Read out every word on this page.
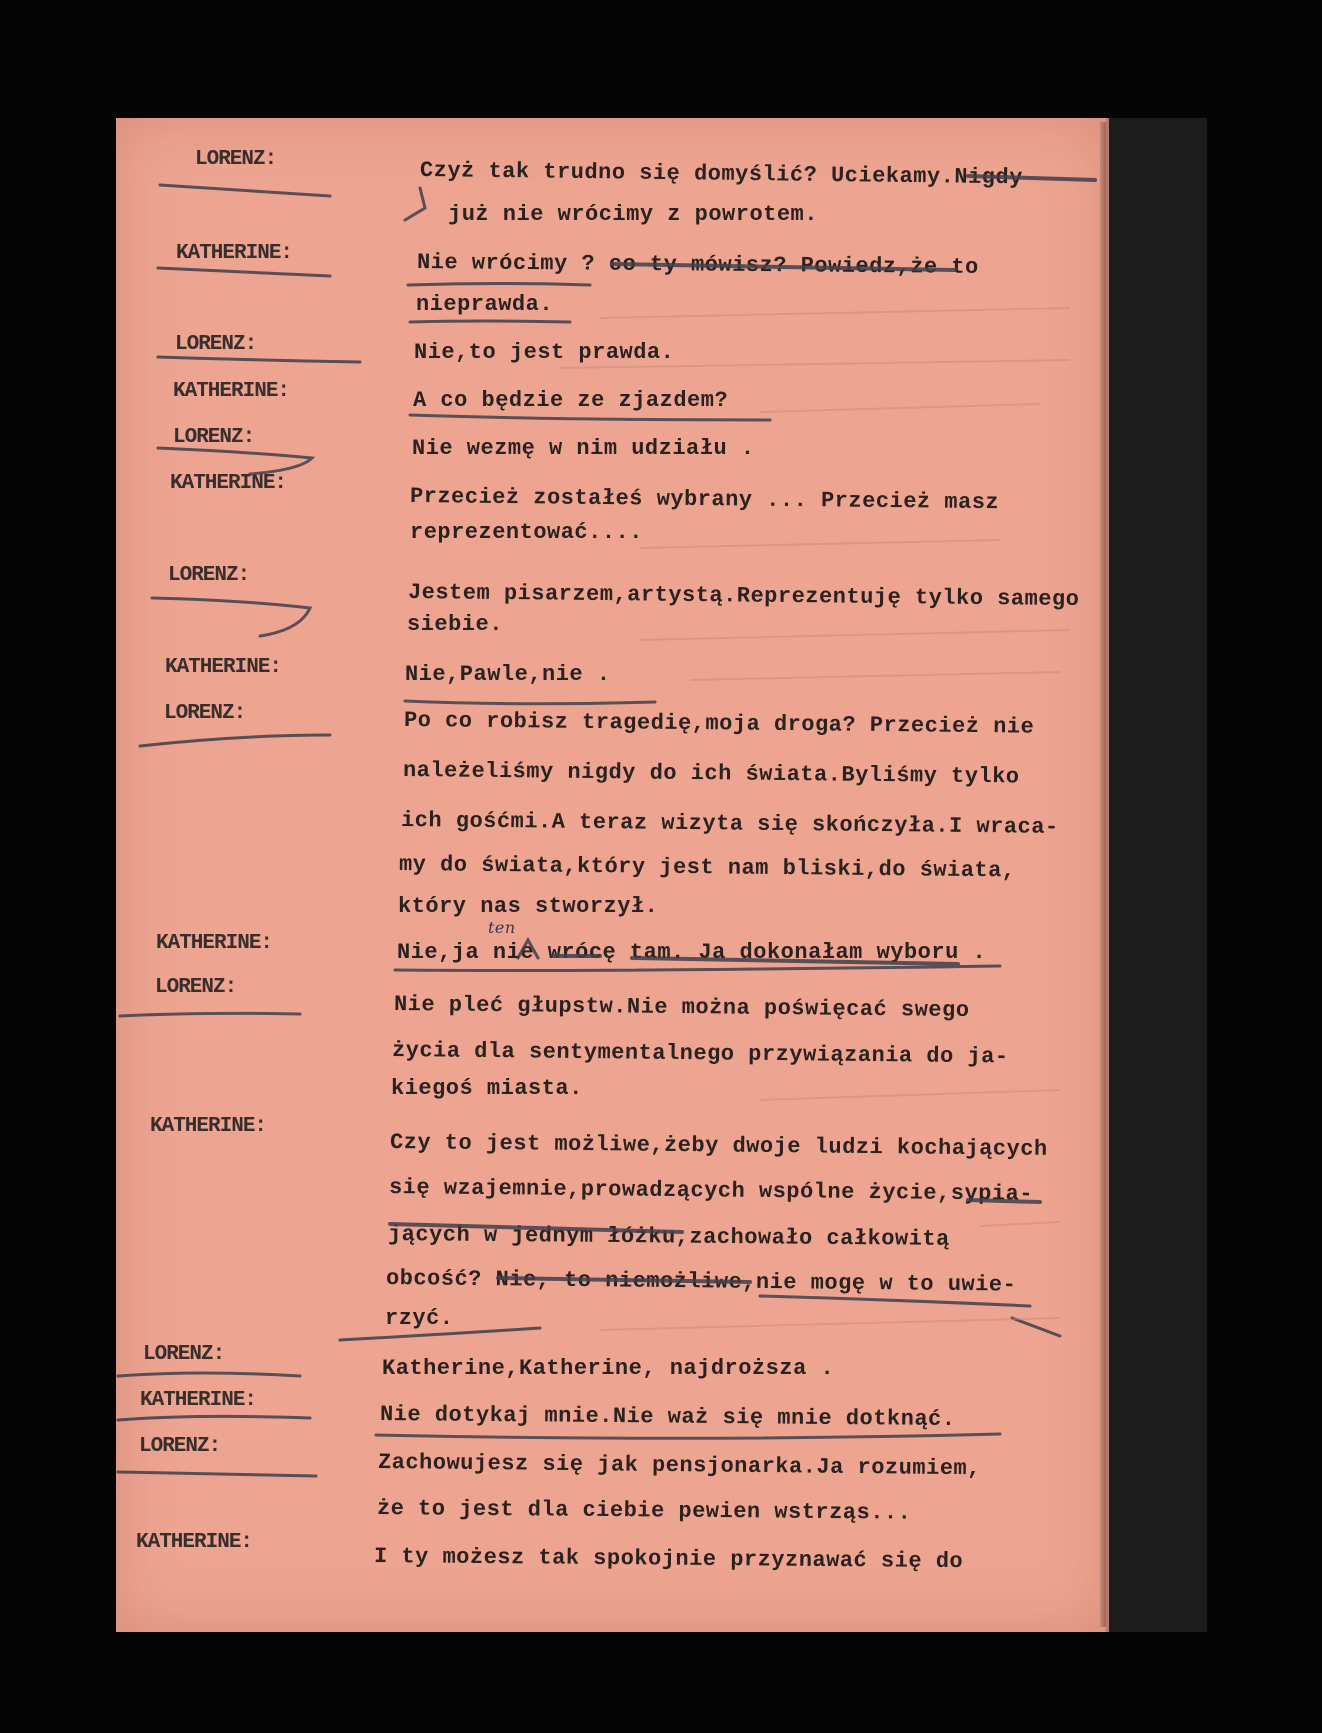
LORENZ:
KATHERINE:
LORENZ:
KATHERINE:
LORENZ:
KATHERINE:
LORENZ:
KATHERINE:
LORENZ:
KATHERINE:
LORENZ:
KATHERINE:
LORENZ:
KATHERINE:
LORENZ:
KATHERINE:
Czyż tak trudno się domyślić? Uciekamy.Nigdy
już nie wrócimy z powrotem.
Nie wrócimy ? co ty mówisz? Powiedz,że to
nieprawda.
Nie,to jest prawda.
A co będzie ze zjazdem?
Nie wezmę w nim udziału .
Przecież zostałeś wybrany ... Przecież masz
reprezentować....
Jestem pisarzem,artystą.Reprezentuję tylko samego
siebie.
Nie,Pawle,nie .
Po co robisz tragedię,moja droga? Przecież nie
należeliśmy nigdy do ich świata.Byliśmy tylko
ich gośćmi.A teraz wizyta się skończyła.I wraca-
my do świata,który jest nam bliski,do świata,
który nas stworzył.
Nie,ja nie wrócę tam. Ja dokonałam wyboru .
Nie pleć głupstw.Nie można poświęcać swego
życia dla sentymentalnego przywiązania do ja-
kiegoś miasta.
Czy to jest możliwe,żeby dwoje ludzi kochających
się wzajemnie,prowadzących wspólne życie,sypia-
jących w jednym łóżku,zachowało całkowitą
obcość? Nie, to niemożliwe,nie mogę w to uwie-
rzyć.
Katherine,Katherine, najdroższa .
Nie dotykaj mnie.Nie waż się mnie dotknąć.
Zachowujesz się jak pensjonarka.Ja rozumiem,
że to jest dla ciebie pewien wstrząs...
I ty możesz tak spokojnie przyznawać się do
ten
